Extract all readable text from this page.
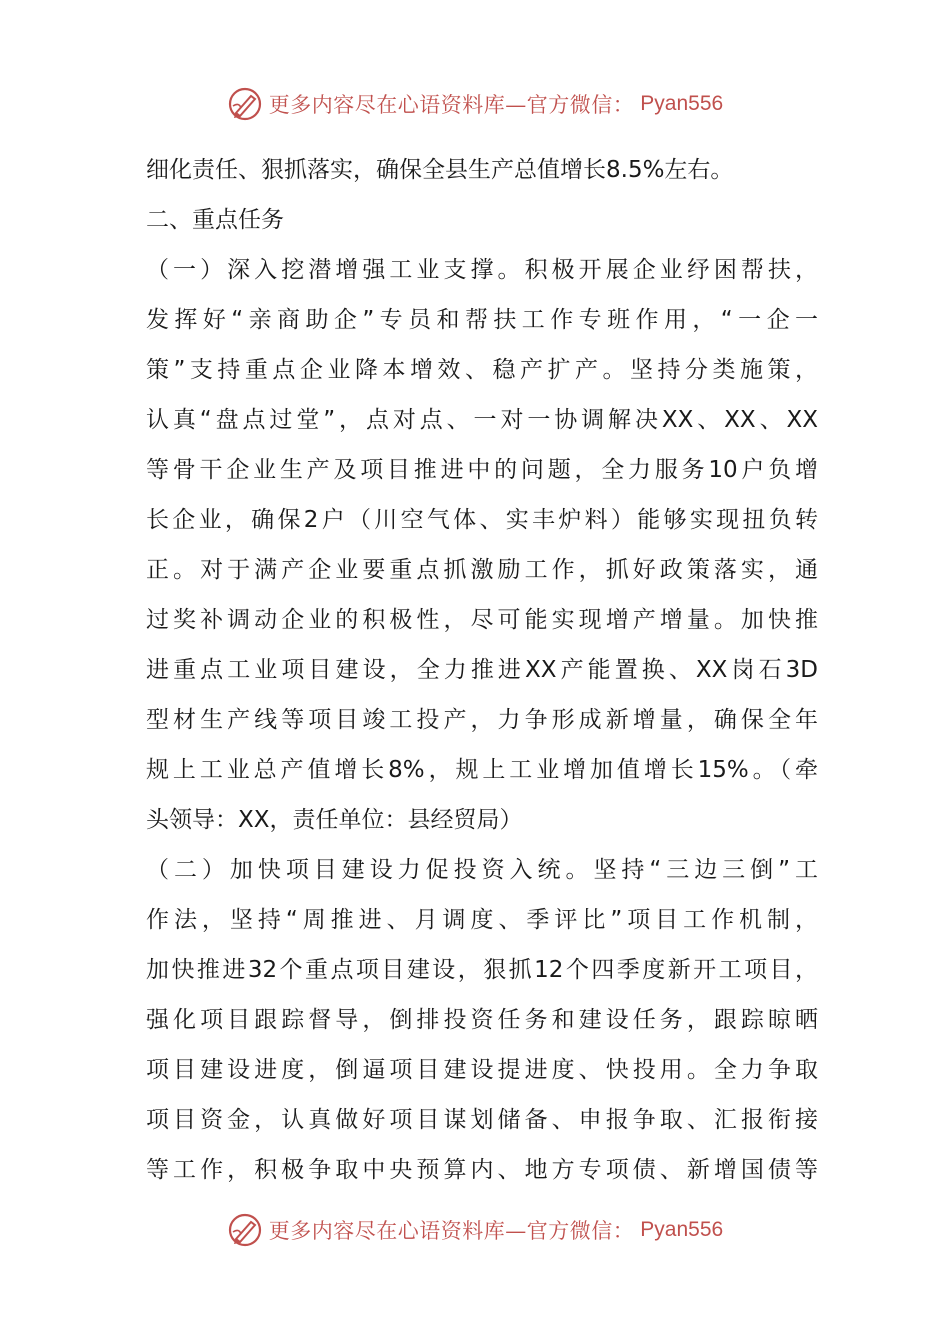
更多内容尽在心语资料库—官方微信： Pyan556
细化责任、狠抓落实，确保全县生产总值增长8.5%左右。
二、重点任务
（一）深入挖潜增强工业支撑。积极开展企业纾困帮扶，
发挥好“亲商助企”专员和帮扶工作专班作用，“一企一
策”支持重点企业降本增效、稳产扩产。坚持分类施策，
认真“盘点过堂”，点对点、一对一协调解决XX、XX、XX
等骨干企业生产及项目推进中的问题，全力服务10户负增
长企业，确保2户（川空气体、实丰炉料）能够实现扭负转
正。对于满产企业要重点抓激励工作，抓好政策落实，通
过奖补调动企业的积极性，尽可能实现增产增量。加快推
进重点工业项目建设，全力推进XX产能置换、XX岗石3D
型材生产线等项目竣工投产，力争形成新增量，确保全年
规上工业总产值增长8%，规上工业增加值增长15%。（牵
头领导：XX，责任单位：县经贸局）
（二）加快项目建设力促投资入统。坚持“三边三倒”工
作法，坚持“周推进、月调度、季评比”项目工作机制，
加快推进32个重点项目建设，狠抓12个四季度新开工项目，
强化项目跟踪督导，倒排投资任务和建设任务，跟踪晾晒
项目建设进度，倒逼项目建设提进度、快投用。全力争取
项目资金，认真做好项目谋划储备、申报争取、汇报衔接
等工作，积极争取中央预算内、地方专项债、新增国债等
更多内容尽在心语资料库—官方微信： Pyan556
